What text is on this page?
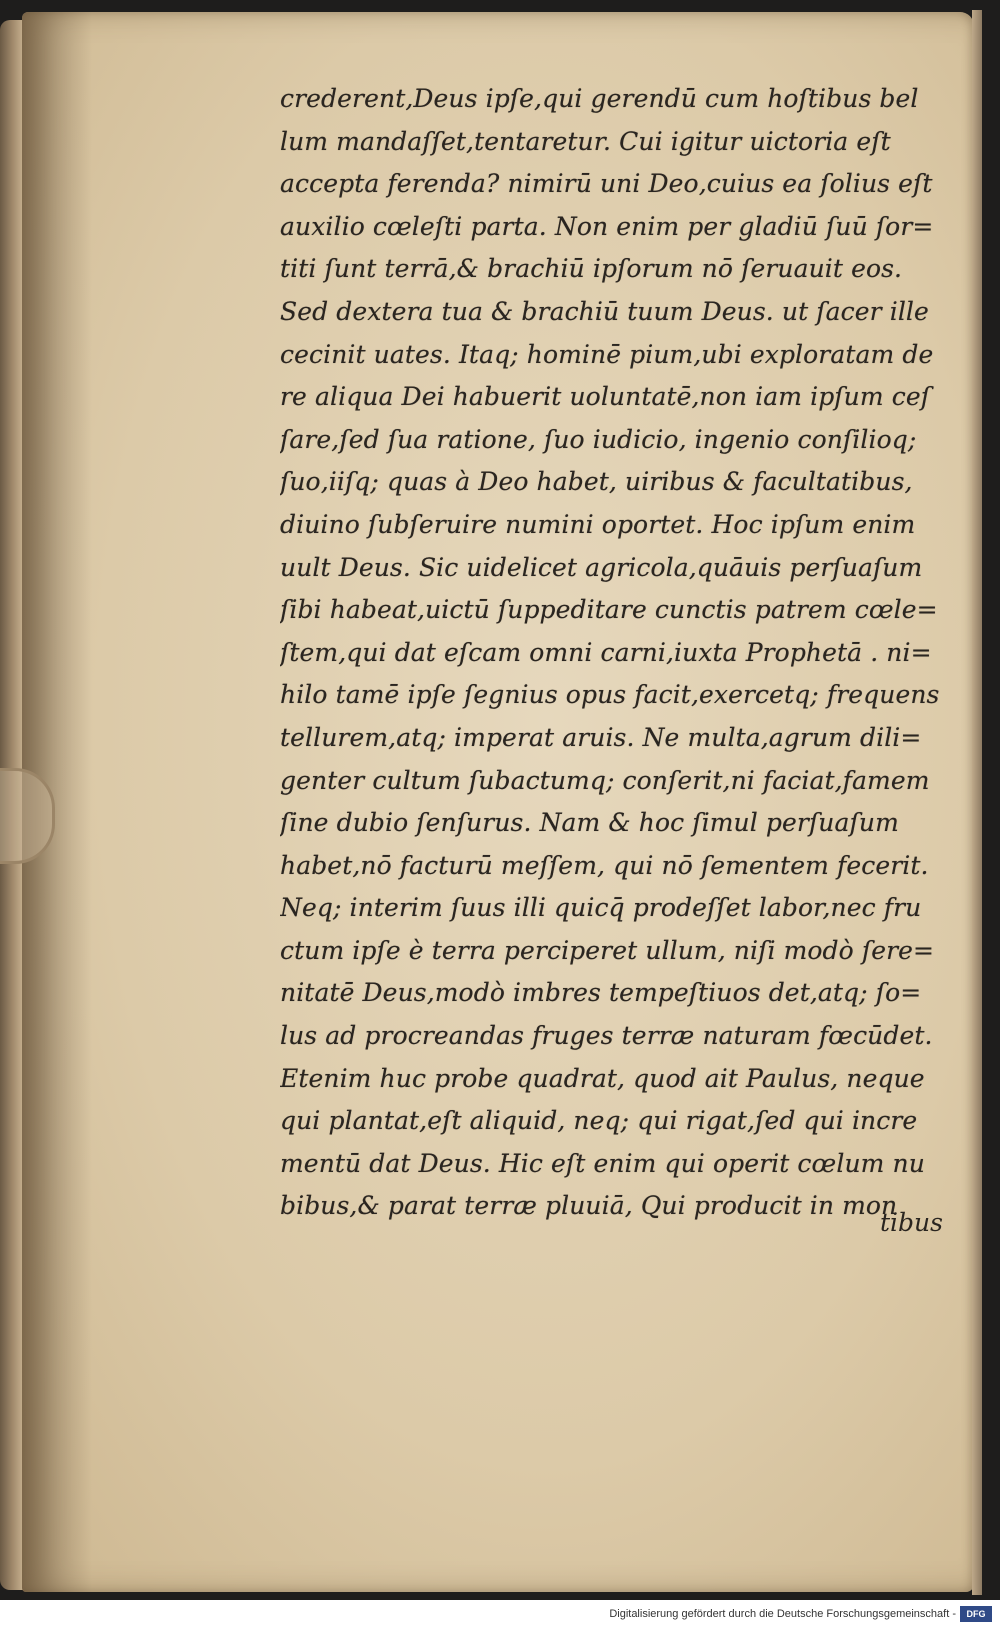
crederent,Deus ipſe,qui gerendū cum hoſtibus bel
lum mandaſſet,tentaretur. Cui igitur uictoria eſt
accepta ferenda? nimirū uni Deo,cuius ea ſolius eſt
auxilio cœleſti parta. Non enim per gladiū ſuū ſor=
titi ſunt terrā,& brachiū ipſorum nō ſeruauit eos.
Sed dextera tua & brachiū tuum Deus. ut ſacer ille
cecinit uates. Itaq; hominē pium,ubi exploratam de
re aliqua Dei habuerit uoluntatē,non iam ipſum ceſ
ſare,ſed ſua ratione, ſuo iudicio, ingenio conſilioq;
ſuo,iiſq; quas à Deo habet, uiribus & facultatibus,
diuino ſubſeruire numini oportet. Hoc ipſum enim
uult Deus. Sic uidelicet agricola,quāuis perſuaſum
ſibi habeat,uictū ſuppeditare cunctis patrem cœle=
ſtem,qui dat eſcam omni carni,iuxta Prophetā . ni=
hilo tamē ipſe ſegnius opus facit,exercetq; frequens
tellurem,atq; imperat aruis. Ne multa,agrum dili=
genter cultum ſubactumq; conſerit,ni faciat,famem
ſine dubio ſenſurus. Nam & hoc ſimul perſuaſum
habet,nō facturū meſſem, qui nō ſementem fecerit.
Neq; interim ſuus illi quicq̄ prodeſſet labor,nec fru
ctum ipſe è terra perciperet ullum, niſi modò ſere=
nitatē Deus,modò imbres tempeſtiuos det,atq; ſo=
lus ad procreandas fruges terræ naturam fœcūdet.
Etenim huc probe quadrat, quod ait Paulus, neque
qui plantat,eſt aliquid, neq; qui rigat,ſed qui incre
mentū dat Deus. Hic eſt enim qui operit cœlum nu
bibus,& parat terræ pluuiā, Qui producit in mon
tibus
Digitalisierung gefördert durch die Deutsche Forschungsgemeinschaft -	DFG
